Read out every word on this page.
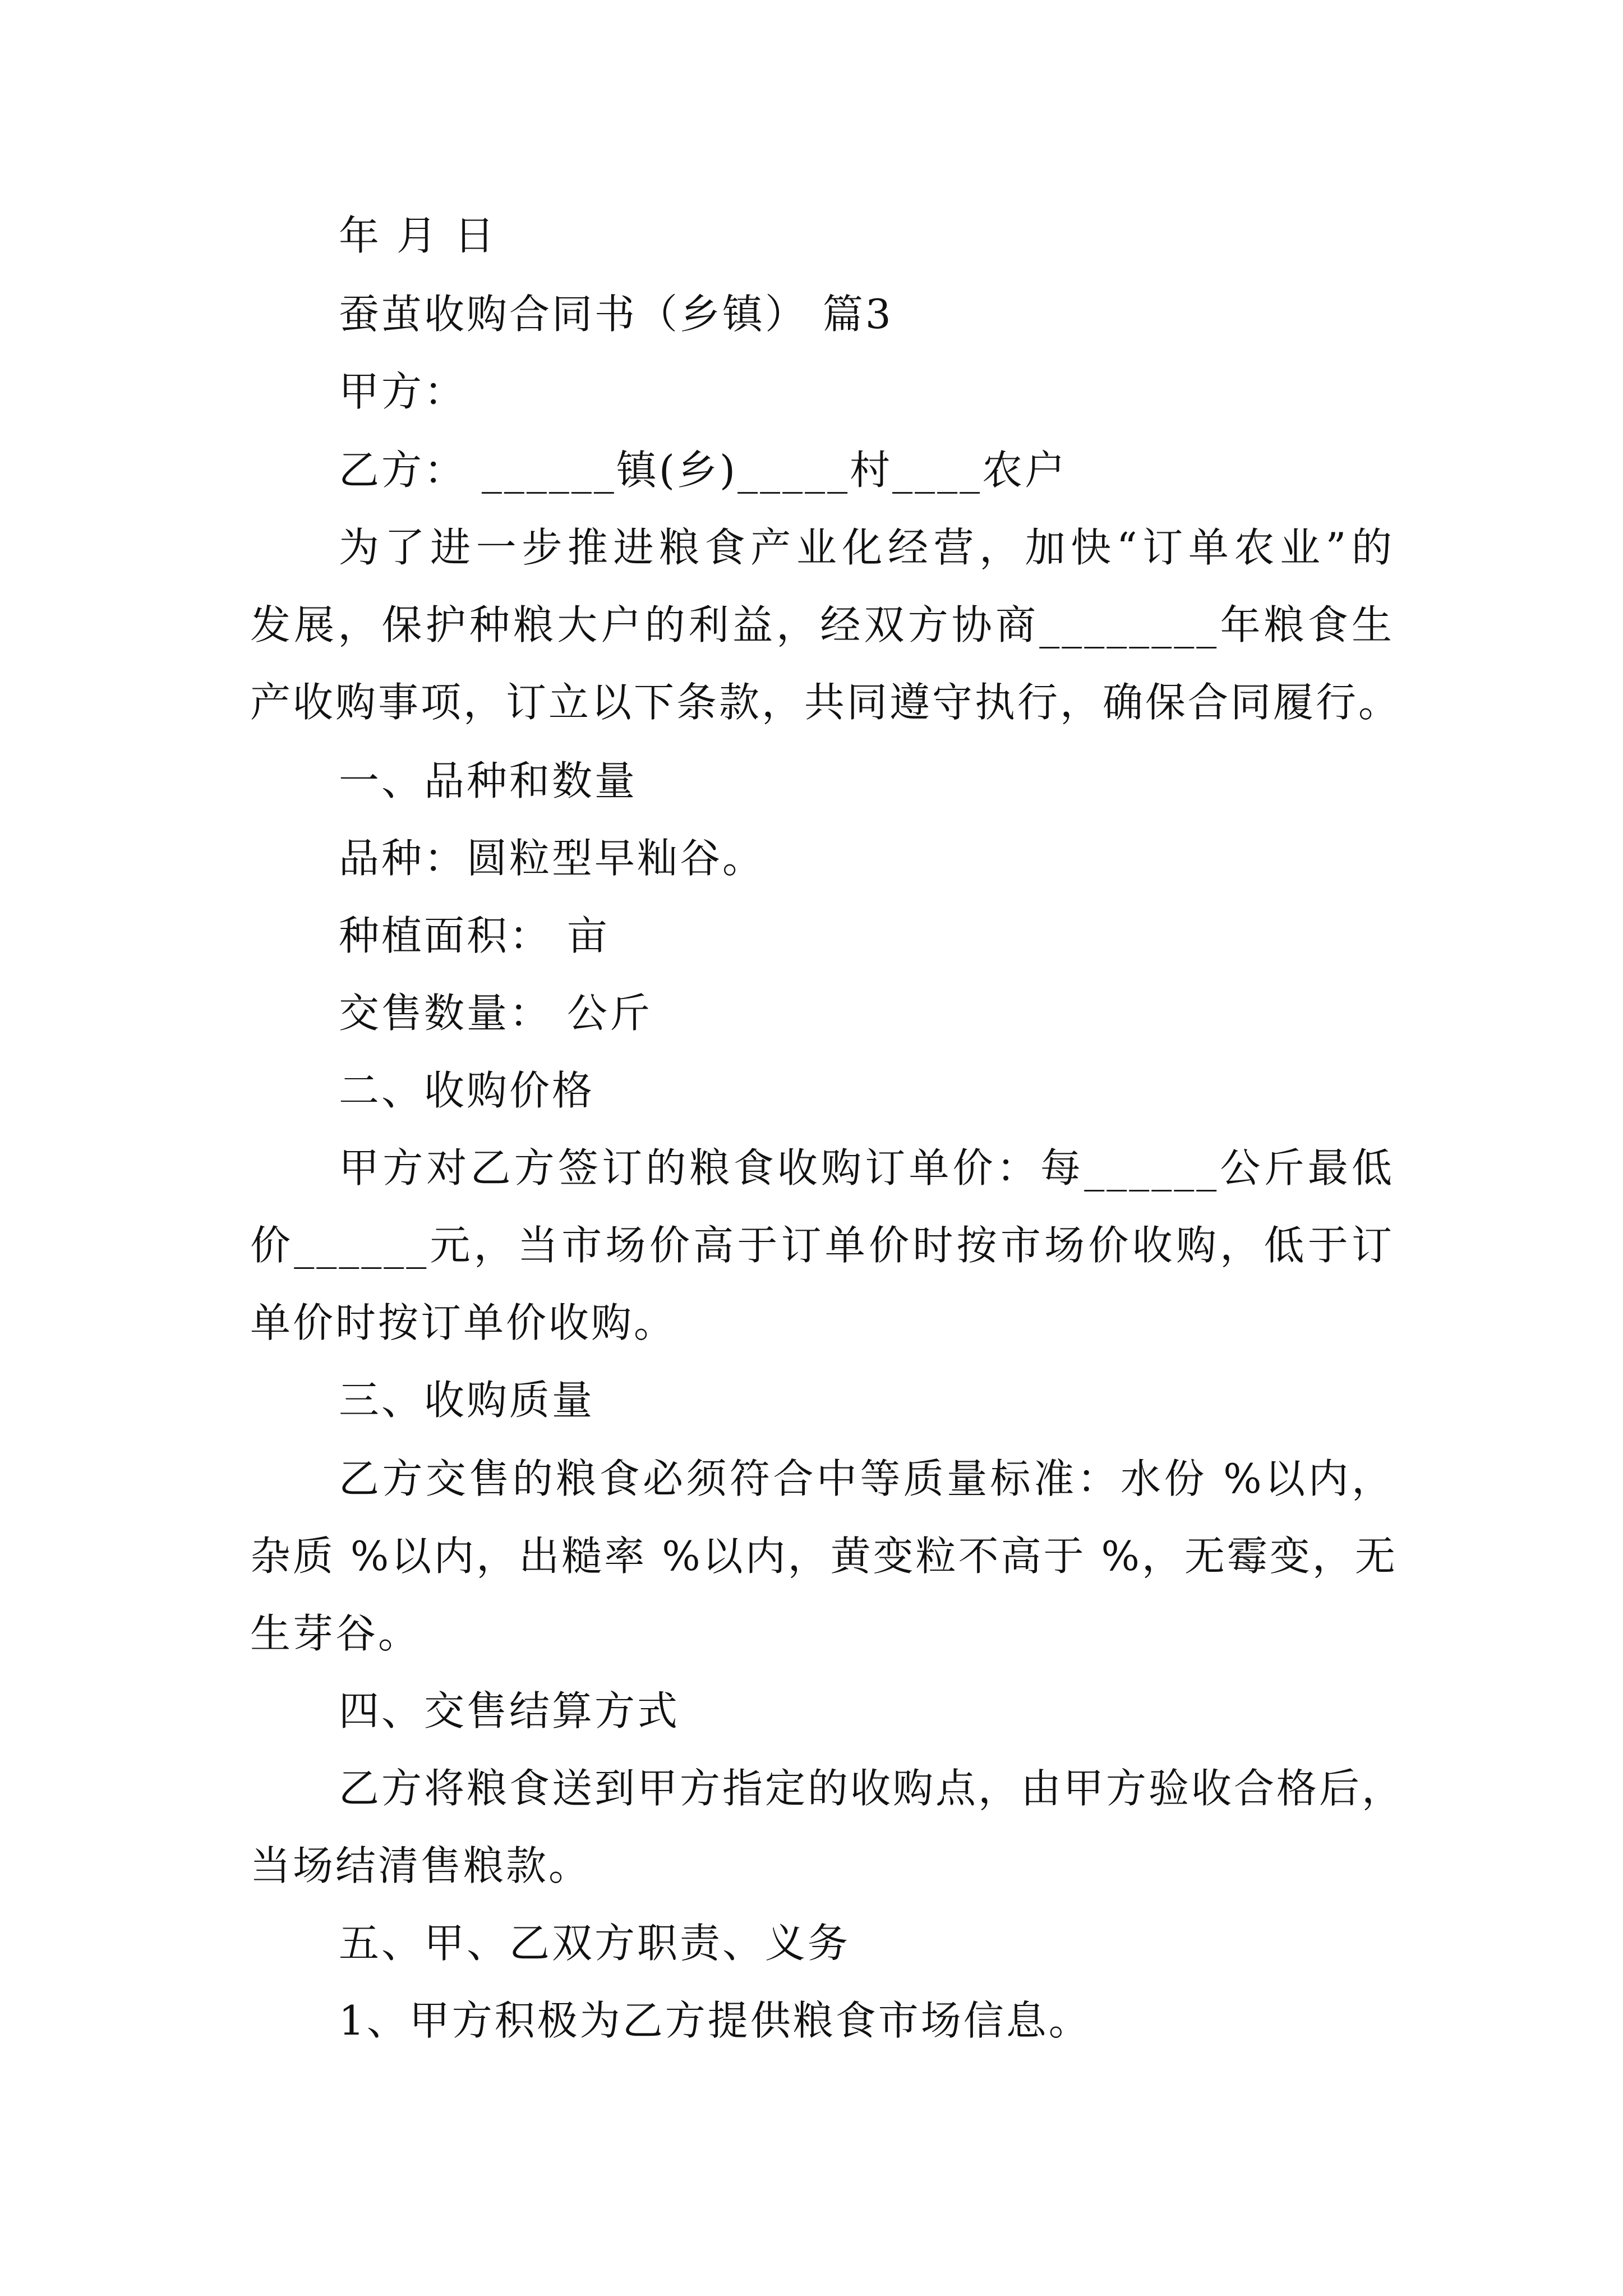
年 月 日
蚕茧收购合同书（乡镇） 篇3
甲方：
乙方： ______镇(乡)_____村____农户
为了进一步推进粮食产业化经营，加快“订单农业”的
发展，保护种粮大户的利益，经双方协商________年粮食生
产收购事项，订立以下条款，共同遵守执行，确保合同履行。
一、品种和数量
品种：圆粒型早籼谷。
种植面积： 亩
交售数量： 公斤
二、收购价格
甲方对乙方签订的粮食收购订单价：每______公斤最低
价______元，当市场价高于订单价时按市场价收购，低于订
单价时按订单价收购。
三、收购质量
乙方交售的粮食必须符合中等质量标准：水份 %以内，
杂质 %以内，出糙率 %以内，黄变粒不高于 %，无霉变，无
生芽谷。
四、交售结算方式
乙方将粮食送到甲方指定的收购点，由甲方验收合格后，
当场结清售粮款。
五、甲、乙双方职责、义务
1、甲方积极为乙方提供粮食市场信息。
